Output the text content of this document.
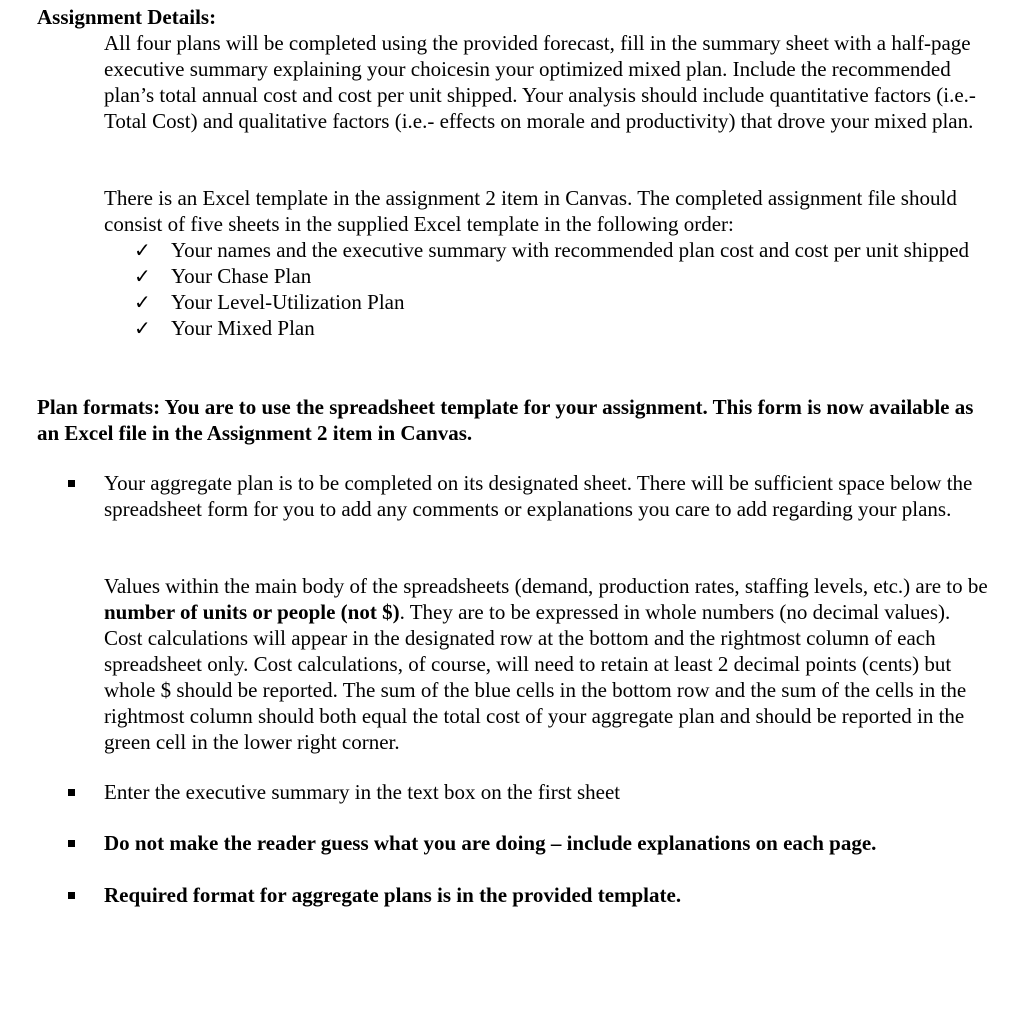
Assignment Details:
All four plans will be completed using the provided forecast, fill in the summary sheet with a half-page executive summary explaining your choicesin your optimized mixed plan. Include the recommended plan’s total annual cost and cost per unit shipped. Your analysis should include quantitative factors (i.e.- Total Cost) and qualitative factors (i.e.- effects on morale and productivity) that drove your mixed plan.
There is an Excel template in the assignment 2 item in Canvas. The completed assignment file should consist of five sheets in the supplied Excel template in the following order:
✓ Your names and the executive summary with recommended plan cost and cost per unit shipped
✓ Your Chase Plan
✓ Your Level-Utilization Plan
✓ Your Mixed Plan
Plan formats: You are to use the spreadsheet template for your assignment. This form is now available as an Excel file in the Assignment 2 item in Canvas.
Your aggregate plan is to be completed on its designated sheet. There will be sufficient space below the spreadsheet form for you to add any comments or explanations you care to add regarding your plans.
Values within the main body of the spreadsheets (demand, production rates, staffing levels, etc.) are to be number of units or people (not $). They are to be expressed in whole numbers (no decimal values). Cost calculations will appear in the designated row at the bottom and the rightmost column of each spreadsheet only. Cost calculations, of course, will need to retain at least 2 decimal points (cents) but whole $ should be reported. The sum of the blue cells in the bottom row and the sum of the cells in the rightmost column should both equal the total cost of your aggregate plan and should be reported in the green cell in the lower right corner.
Enter the executive summary in the text box on the first sheet
Do not make the reader guess what you are doing – include explanations on each page.
Required format for aggregate plans is in the provided template.
